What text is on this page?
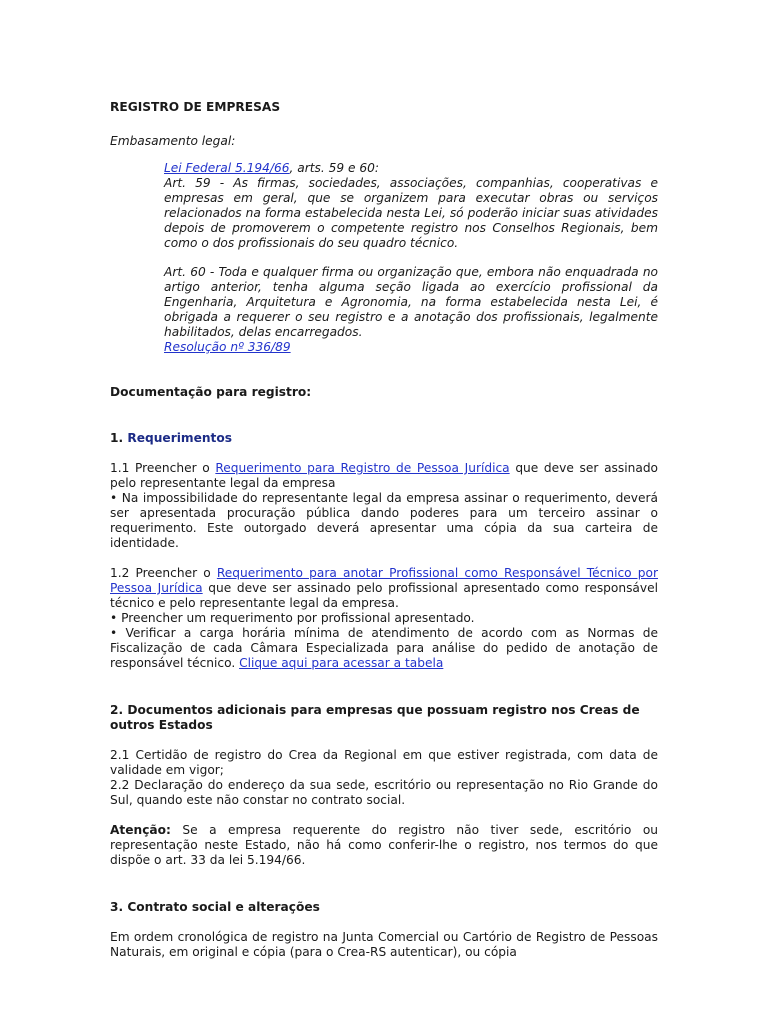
REGISTRO DE EMPRESAS

Embasamento legal:

Lei Federal 5.194/66, arts. 59 e 60:
Art. 59 - As firmas, sociedades, associações, companhias, cooperativas e empresas em geral, que se organizem para executar obras ou serviços relacionados na forma estabelecida nesta Lei, só poderão iniciar suas atividades depois de promoverem o competente registro nos Conselhos Regionais, bem como o dos profissionais do seu quadro técnico.

Art. 60 - Toda e qualquer firma ou organização que, embora não enquadrada no artigo anterior, tenha alguma seção ligada ao exercício profissional da Engenharia, Arquitetura e Agronomia, na forma estabelecida nesta Lei, é obrigada a requerer o seu registro e a anotação dos profissionais, legalmente habilitados, delas encarregados.
Resolução nº 336/89

Documentação para registro:

1. Requerimentos

1.1 Preencher o Requerimento para Registro de Pessoa Jurídica que deve ser assinado pelo representante legal da empresa
• Na impossibilidade do representante legal da empresa assinar o requerimento, deverá ser apresentada procuração pública dando poderes para um terceiro assinar o requerimento. Este outorgado deverá apresentar uma cópia da sua carteira de identidade.

1.2 Preencher o Requerimento para anotar Profissional como Responsável Técnico por Pessoa Jurídica que deve ser assinado pelo profissional apresentado como responsável técnico e pelo representante legal da empresa.
• Preencher um requerimento por profissional apresentado.
• Verificar a carga horária mínima de atendimento de acordo com as Normas de Fiscalização de cada Câmara Especializada para análise do pedido de anotação de responsável técnico. Clique aqui para acessar a tabela

2. Documentos adicionais para empresas que possuam registro nos Creas de outros Estados

2.1 Certidão de registro do Crea da Regional em que estiver registrada, com data de validade em vigor;
2.2 Declaração do endereço da sua sede, escritório ou representação no Rio Grande do Sul, quando este não constar no contrato social.

Atenção: Se a empresa requerente do registro não tiver sede, escritório ou representação neste Estado, não há como conferir-lhe o registro, nos termos do que dispõe o art. 33 da lei 5.194/66.

3. Contrato social e alterações

Em ordem cronológica de registro na Junta Comercial ou Cartório de Registro de Pessoas Naturais, em original e cópia (para o Crea-RS autenticar), ou cópia
